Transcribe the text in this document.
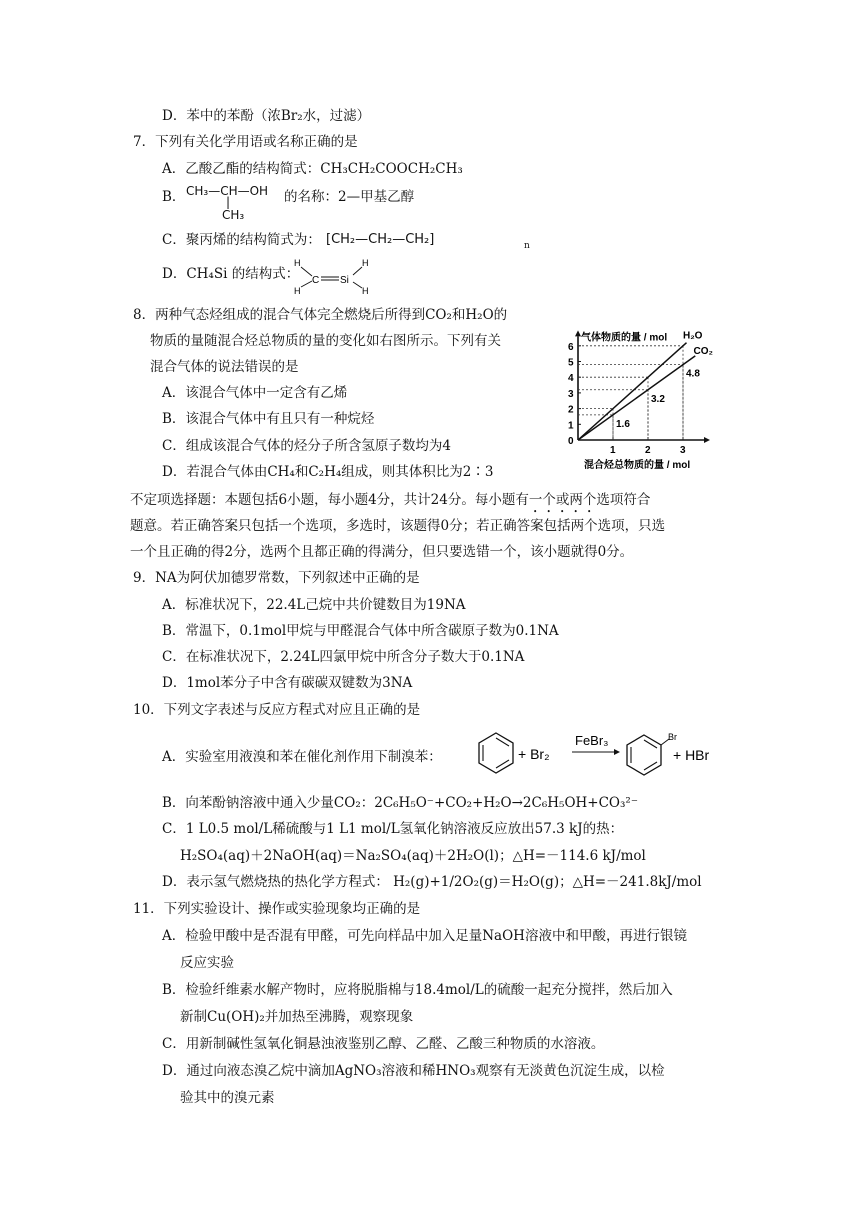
D．苯中的苯酚（浓Br₂水，过滤）
7．下列有关化学用语或名称正确的是
A．乙酸乙酯的结构简式：CH₃CH₂COOCH₂CH₃
B． CH₃—CH—OH
|
CH₃
的名称：2—甲基乙醇
C．聚丙烯的结构简式为： [CH₂—CH₂—CH₂]	n
D．CH₄Si 的结构式：
H
H
C Si
H
H
8．两种气态烃组成的混合气体完全燃烧后所得到CO₂和H₂O的
物质的量随混合烃总物质的量的变化如右图所示。下列有关
混合气体的说法错误的是
A．该混合气体中一定含有乙烯
B．该混合气体中有且只有一种烷烃
C．组成该混合气体的烃分子所含氢原子数均为4
D．若混合气体由CH₄和C₂H₄组成，则其体积比为2∶3
气体物质的量 / mol
混合烃总物质的量 / mol
0
1
2
3
4
5
6
1	2	3
H₂O
CO₂
1.6
3.2
4.8
不定项选择题：本题包括6小题，每小题4分，共计24分。每小题有一个或两个选项符合
题意。若正确答案只包括一个选项，多选时，该题得0分；若正确答案包括两个选项，只选
一个且正确的得2分，选两个且都正确的得满分，但只要选错一个，该小题就得0分。
9．NA为阿伏加德罗常数，下列叙述中正确的是
A．标准状况下，22.4L己烷中共价键数目为19NA
B．常温下，0.1mol甲烷与甲醛混合气体中所含碳原子数为0.1NA
C．在标准状况下，2.24L四氯甲烷中所含分子数大于0.1NA
D．1mol苯分子中含有碳碳双键数为3NA
10．下列文字表述与反应方程式对应且正确的是
A．实验室用液溴和苯在催化剂作用下制溴苯：	+ Br₂
FeBr₃	Br
+ HBr
B．向苯酚钠溶液中通入少量CO₂：2C₆H₅O⁻+CO₂+H₂O→2C₆H₅OH+CO₃²⁻
C．1 L0.5 mol/L稀硫酸与1 L1 mol/L氢氧化钠溶液反应放出57.3 kJ的热：
H₂SO₄(aq)＋2NaOH(aq)＝Na₂SO₄(aq)＋2H₂O(l)；△H=－114.6 kJ/mol
D．表示氢气燃烧热的热化学方程式： H₂(g)+1/2O₂(g)＝H₂O(g)；△H=－241.8kJ/mol
11．下列实验设计、操作或实验现象均正确的是
A．检验甲酸中是否混有甲醛，可先向样品中加入足量NaOH溶液中和甲酸，再进行银镜
反应实验
B．检验纤维素水解产物时，应将脱脂棉与18.4mol/L的硫酸一起充分搅拌，然后加入
新制Cu(OH)₂并加热至沸腾，观察现象
C．用新制碱性氢氧化铜悬浊液鉴别乙醇、乙醛、乙酸三种物质的水溶液。
D．通过向液态溴乙烷中滴加AgNO₃溶液和稀HNO₃观察有无淡黄色沉淀生成，以检
验其中的溴元素
